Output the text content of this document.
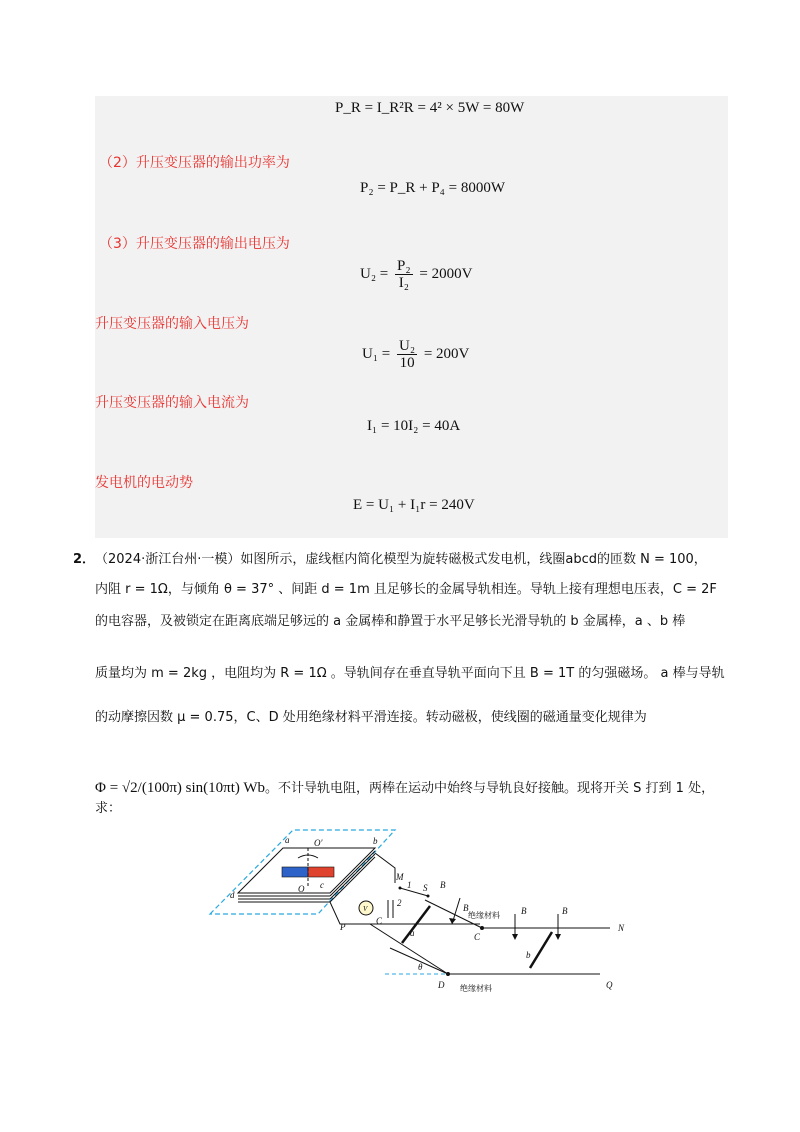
P_R = I_R²R = 4² × 5W = 80W
（2）升压变压器的输出功率为
P₂ = P_R + P₄ = 8000W
（3）升压变压器的输出电压为
$U_2 = \frac{\text{P₂}}{\text{I₂}} = 2000V$
升压变压器的输入电压为
$U_1 = \frac{\text{U₂}}{10} = 200V$
升压变压器的输入电流为
I₁ = 10I₂ = 40A
发电机的电动势
E = U₁ + I₁r = 240V
2． （2024·浙江台州·一模）如图所示，虚线框内简化模型为旋转磁极式发电机，线圈abcd的匝数 N = 100，
内阻 r = 1Ω，与倾角 θ = 37° 、间距 d = 1m 且足够长的金属导轨相连。导轨上接有理想电压表，C = 2F
的电容器，及被锁定在距离底端足够远的 a 金属棒和静置于水平足够长光滑导轨的 b 金属棒，a 、b 棒
质量均为 m = 2kg ，电阻均为 R = 1Ω 。导轨间存在垂直导轨平面向下且 B = 1T 的匀强磁场。 a 棒与导轨
的动摩擦因数 μ = 0.75，C、D 处用绝缘材料平滑连接。转动磁极，使线圈的磁通量变化规律为
Φ = √2/(100π) sin(10πt) Wb。不计导轨电阻，两棒在运动中始终与导轨良好接触。现将开关 S 打到 1 处，求：
a	b
c
d
O
O'
M
P	N
Q
S
1
2
C
V
B
B	B	B
C
D
θ
a
b
绝缘材料
绝缘材料
